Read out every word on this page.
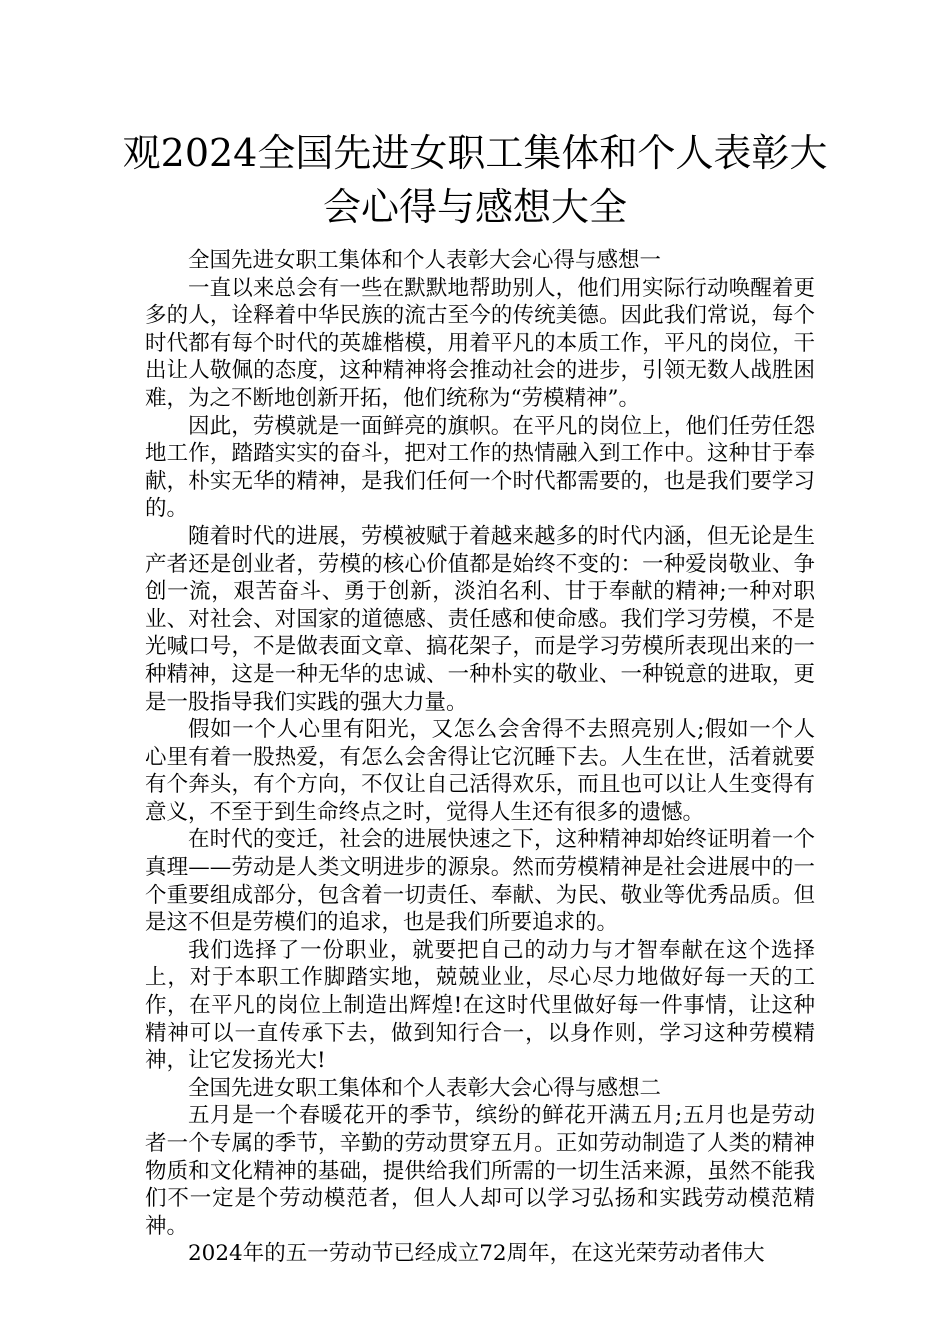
观2024全国先进女职工集体和个人表彰大会心得与感想大全

全国先进女职工集体和个人表彰大会心得与感想一

一直以来总会有一些在默默地帮助别人，他们用实际行动唤醒着更多的人，诠释着中华民族的流古至今的传统美德。因此我们常说，每个时代都有每个时代的英雄楷模，用着平凡的本质工作，平凡的岗位，干出让人敬佩的态度，这种精神将会推动社会的进步，引领无数人战胜困难，为之不断地创新开拓，他们统称为“劳模精神”。

因此，劳模就是一面鲜亮的旗帜。在平凡的岗位上，他们任劳任怨地工作，踏踏实实的奋斗，把对工作的热情融入到工作中。这种甘于奉献，朴实无华的精神，是我们任何一个时代都需要的，也是我们要学习的。

随着时代的进展，劳模被赋于着越来越多的时代内涵，但无论是生产者还是创业者，劳模的核心价值都是始终不变的：一种爱岗敬业、争创一流，艰苦奋斗、勇于创新，淡泊名利、甘于奉献的精神;一种对职业、对社会、对国家的道德感、责任感和使命感。我们学习劳模，不是光喊口号，不是做表面文章、搞花架子，而是学习劳模所表现出来的一种精神，这是一种无华的忠诚、一种朴实的敬业、一种锐意的进取，更是一股指导我们实践的强大力量。

假如一个人心里有阳光，又怎么会舍得不去照亮别人;假如一个人心里有着一股热爱，有怎么会舍得让它沉睡下去。人生在世，活着就要有个奔头，有个方向，不仅让自己活得欢乐，而且也可以让人生变得有意义，不至于到生命终点之时，觉得人生还有很多的遗憾。

在时代的变迁，社会的进展快速之下，这种精神却始终证明着一个真理——劳动是人类文明进步的源泉。然而劳模精神是社会进展中的一个重要组成部分，包含着一切责任、奉献、为民、敬业等优秀品质。但是这不但是劳模们的追求，也是我们所要追求的。

我们选择了一份职业，就要把自己的动力与才智奉献在这个选择上，对于本职工作脚踏实地，兢兢业业，尽心尽力地做好每一天的工作，在平凡的岗位上制造出辉煌!在这时代里做好每一件事情，让这种精神可以一直传承下去，做到知行合一，以身作则，学习这种劳模精神，让它发扬光大!

全国先进女职工集体和个人表彰大会心得与感想二

五月是一个春暖花开的季节，缤纷的鲜花开满五月;五月也是劳动者一个专属的季节，辛勤的劳动贯穿五月。正如劳动制造了人类的精神物质和文化精神的基础，提供给我们所需的一切生活来源，虽然不能我们不一定是个劳动模范者，但人人却可以学习弘扬和实践劳动模范精神。

2024年的五一劳动节已经成立72周年，在这光荣劳动者伟大
